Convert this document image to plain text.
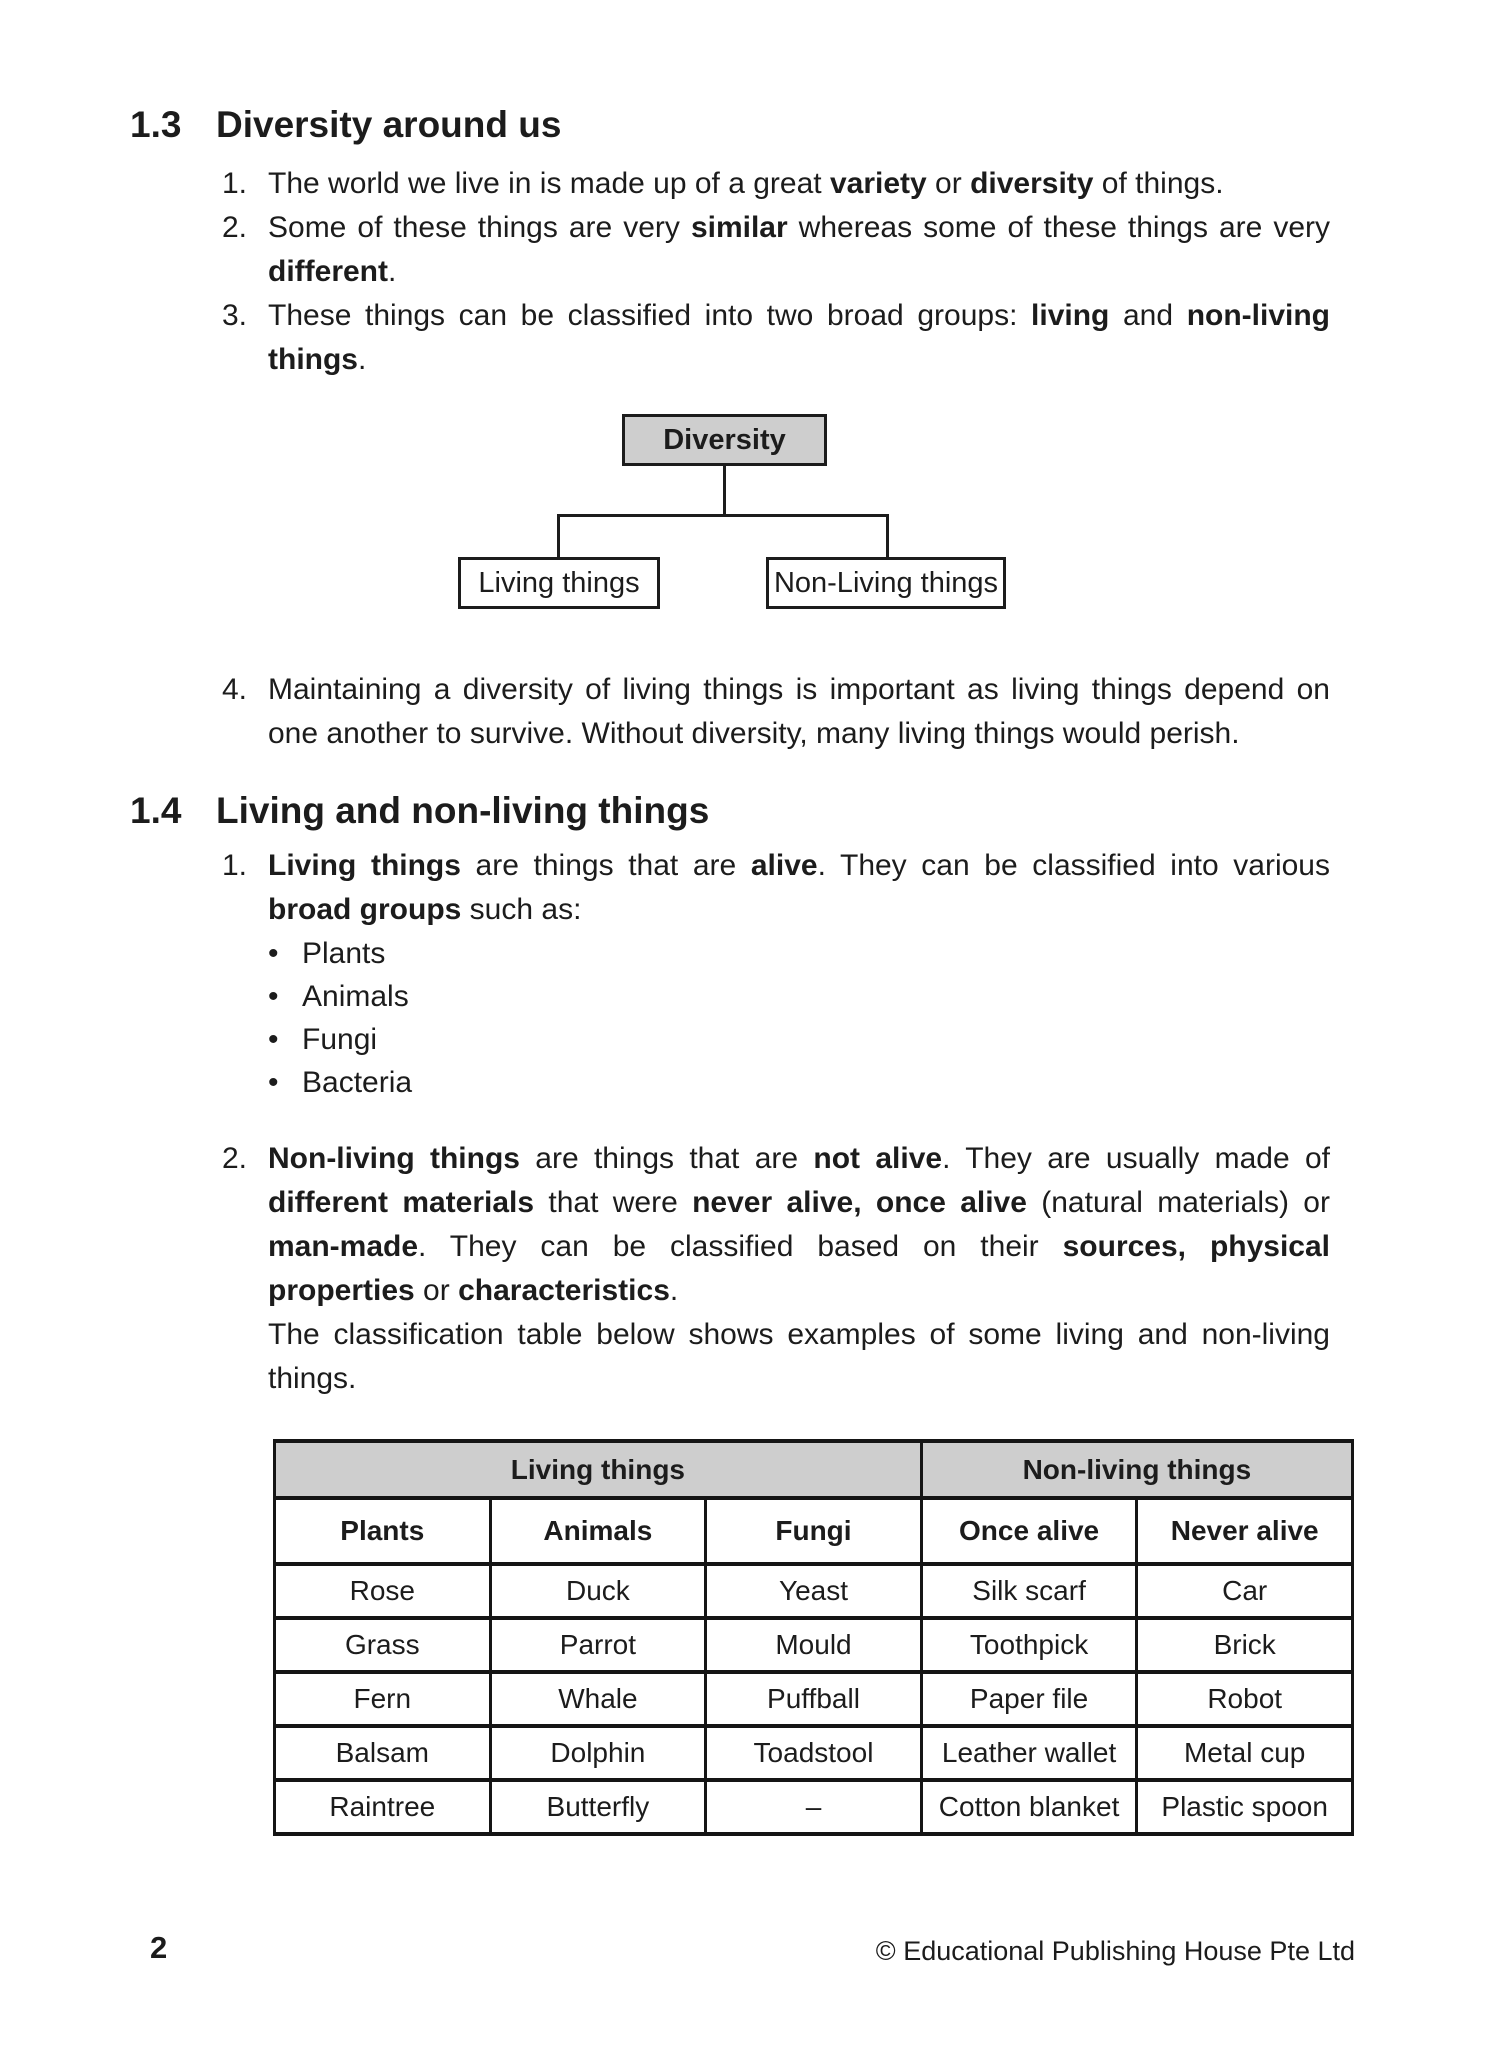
1.3 Diversity around us
1. The world we live in is made up of a great variety or diversity of things.
2. Some of these things are very similar whereas some of these things are very different.
3. These things can be classified into two broad groups: living and non-living things.
Diversity
Living things	Non-Living things
4. Maintaining a diversity of living things is important as living things depend on one another to survive. Without diversity, many living things would perish.
1.4 Living and non-living things
1. Living things are things that are alive. They can be classified into various broad groups such as:
• Plants
• Animals
• Fungi
• Bacteria
2. Non-living things are things that are not alive. They are usually made of different materials that were never alive, once alive (natural materials) or man-made. They can be classified based on their sources, physical properties or characteristics.
The classification table below shows examples of some living and non-living things.
Living things			Non-living things	
Plants	Animals	Fungi	Once alive	Never alive
Rose	Duck	Yeast	Silk scarf	Car
Grass	Parrot	Mould	Toothpick	Brick
Fern	Whale	Puffball	Paper file	Robot
Balsam	Dolphin	Toadstool	Leather wallet	Metal cup
Raintree	Butterfly	–	Cotton blanket	Plastic spoon
2	© Educational Publishing House Pte Ltd
